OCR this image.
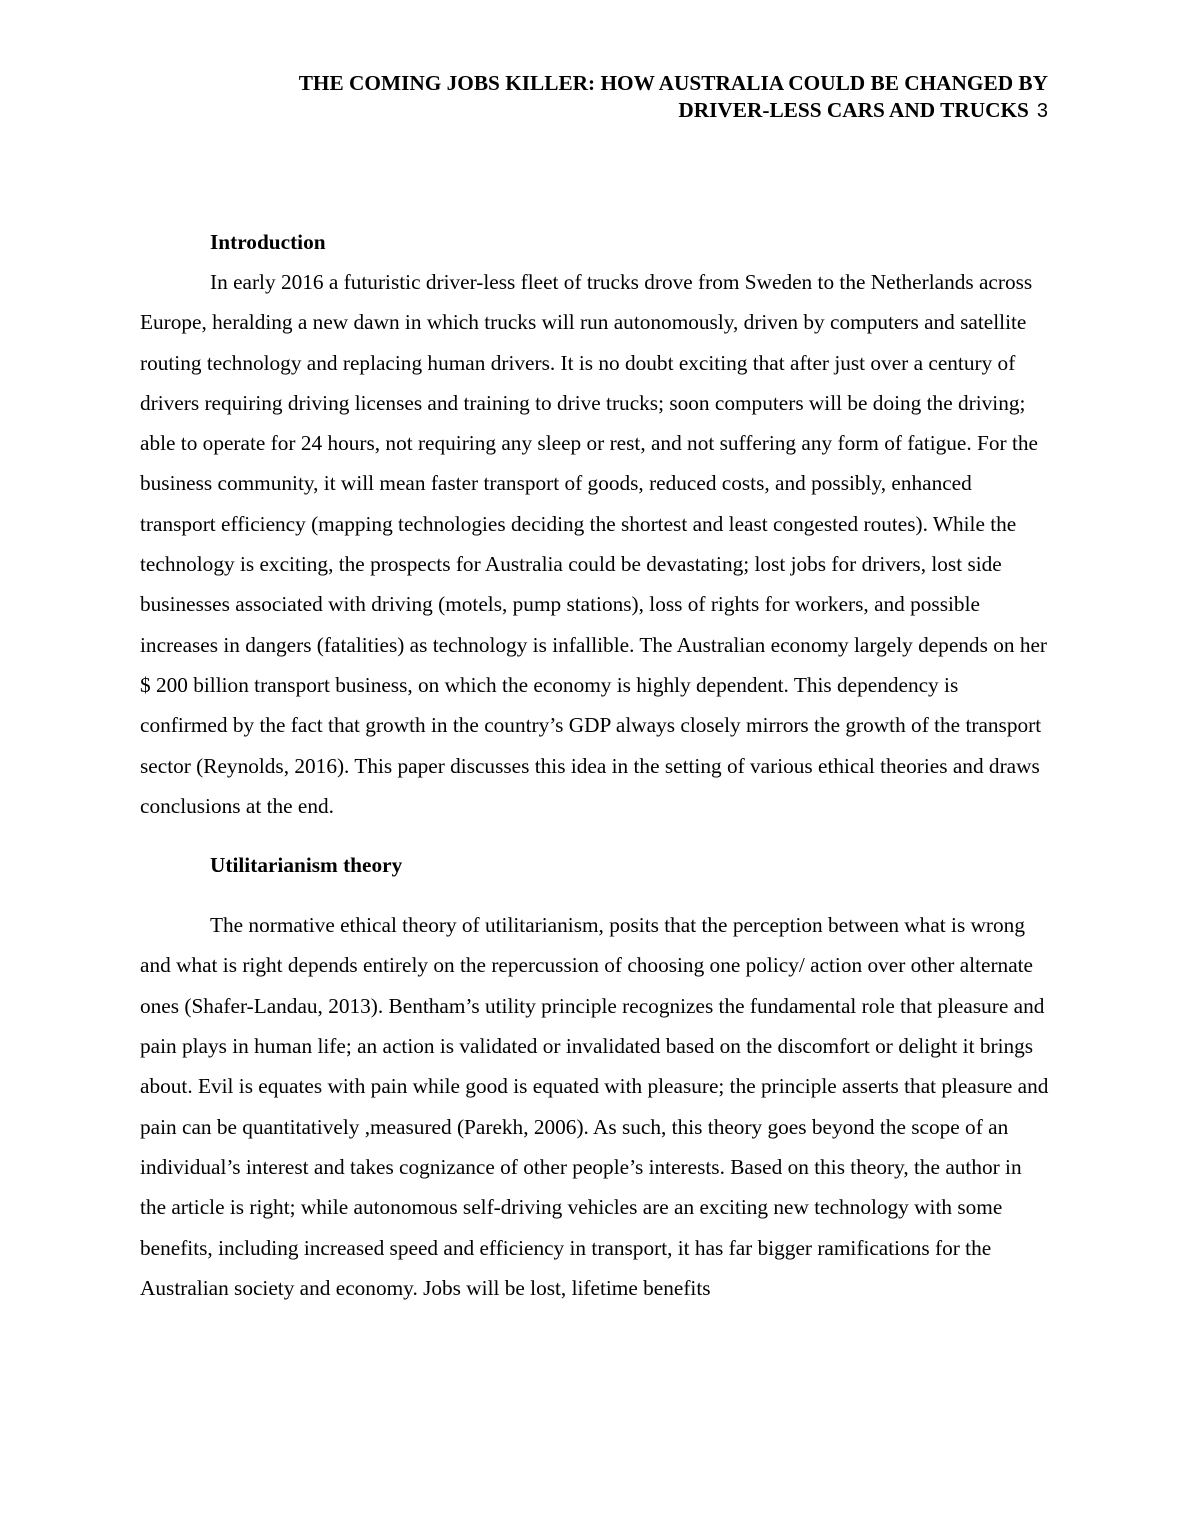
THE COMING JOBS KILLER: HOW AUSTRALIA COULD BE CHANGED BY
DRIVER-LESS CARS AND TRUCKS 3
Introduction

In early 2016 a futuristic driver-less fleet of trucks drove from Sweden to the Netherlands across Europe, heralding a new dawn in which trucks will run autonomously, driven by computers and satellite routing technology and replacing human drivers. It is no doubt exciting that after just over a century of drivers requiring driving licenses and training to drive trucks; soon computers will be doing the driving; able to operate for 24 hours, not requiring any sleep or rest, and not suffering any form of fatigue. For the business community, it will mean faster transport of goods, reduced costs, and possibly, enhanced transport efficiency (mapping technologies deciding the shortest and least congested routes). While the technology is exciting, the prospects for Australia could be devastating; lost jobs for drivers, lost side businesses associated with driving (motels, pump stations), loss of rights for workers, and possible increases in dangers (fatalities) as technology is infallible. The Australian economy largely depends on her $ 200 billion transport business, on which the economy is highly dependent. This dependency is confirmed by the fact that growth in the country’s GDP always closely mirrors the growth of the transport sector (Reynolds, 2016). This paper discusses this idea in the setting of various ethical theories and draws conclusions at the end.

Utilitarianism theory

The normative ethical theory of utilitarianism, posits that the perception between what is wrong and what is right depends entirely on the repercussion of choosing one policy/ action over other alternate ones (Shafer-Landau, 2013). Bentham’s utility principle recognizes the fundamental role that pleasure and pain plays in human life; an action is validated or invalidated based on the discomfort or delight it brings about. Evil is equates with pain while good is equated with pleasure; the principle asserts that pleasure and pain can be quantitatively ,measured (Parekh, 2006). As such, this theory goes beyond the scope of an individual’s interest and takes cognizance of other people’s interests. Based on this theory, the author in the article is right; while autonomous self-driving vehicles are an exciting new technology with some benefits, including increased speed and efficiency in transport, it has far bigger ramifications for the Australian society and economy. Jobs will be lost, lifetime benefits
